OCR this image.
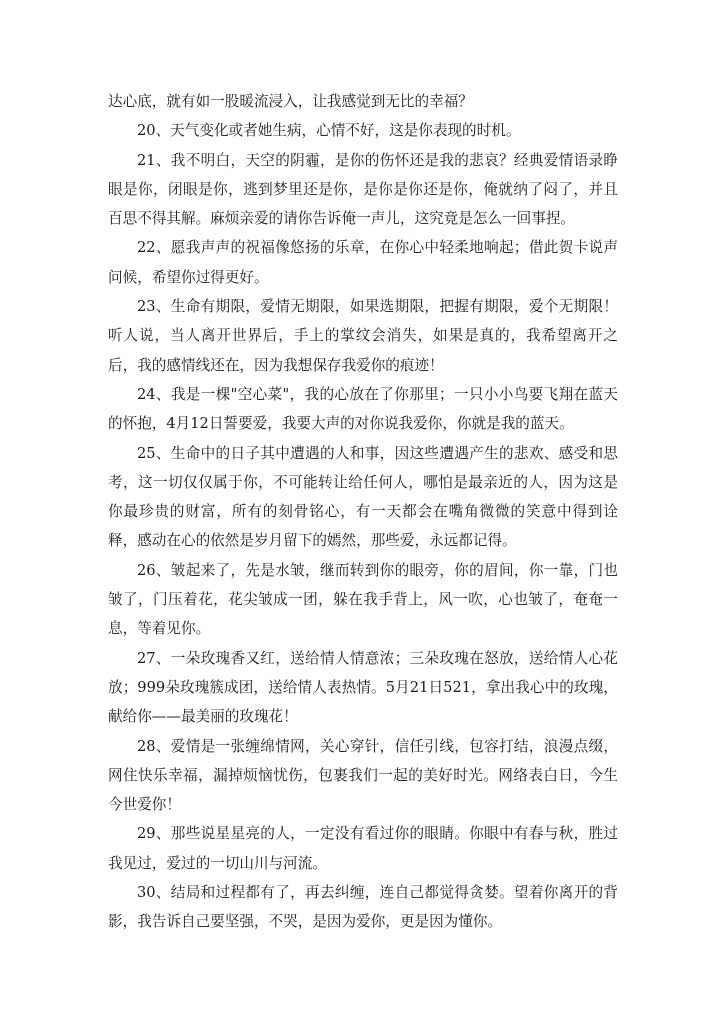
达心底，就有如一股暖流浸入，让我感觉到无比的幸福？

20、天气变化或者她生病，心情不好，这是你表现的时机。

21、我不明白，天空的阴霾，是你的伤怀还是我的悲哀？经典爱情语录睁眼是你，闭眼是你，逃到梦里还是你，是你是你还是你，俺就纳了闷了，并且百思不得其解。麻烦亲爱的请你告诉俺一声儿，这究竟是怎么一回事捏。

22、愿我声声的祝福像悠扬的乐章，在你心中轻柔地响起；借此贺卡说声问候，希望你过得更好。

23、生命有期限，爱情无期限，如果选期限，把握有期限，爱个无期限！听人说，当人离开世界后，手上的掌纹会消失，如果是真的，我希望离开之后，我的感情线还在，因为我想保存我爱你的痕迹！

24、我是一棵"空心菜"，我的心放在了你那里；一只小小鸟要飞翔在蓝天的怀抱，4月12日誓要爱，我要大声的对你说我爱你，你就是我的蓝天。

25、生命中的日子其中遭遇的人和事，因这些遭遇产生的悲欢、感受和思考，这一切仅仅属于你，不可能转让给任何人，哪怕是最亲近的人，因为这是你最珍贵的财富，所有的刻骨铭心，有一天都会在嘴角微微的笑意中得到诠释，感动在心的依然是岁月留下的嫣然，那些爱，永远都记得。

26、皱起来了，先是水皱，继而转到你的眼旁，你的眉间，你一靠，门也皱了，门压着花，花尖皱成一团，躲在我手背上，风一吹，心也皱了，奄奄一息，等着见你。

27、一朵玫瑰香又红，送给情人情意浓；三朵玫瑰在怒放，送给情人心花放；999朵玫瑰簇成团，送给情人表热情。5月21日521，拿出我心中的玫瑰，献给你——最美丽的玫瑰花！

28、爱情是一张缠绵情网，关心穿针，信任引线，包容打结，浪漫点缀，网住快乐幸福，漏掉烦恼忧伤，包裹我们一起的美好时光。网络表白日，今生今世爱你！

29、那些说星星亮的人，一定没有看过你的眼睛。你眼中有春与秋，胜过我见过，爱过的一切山川与河流。

30、结局和过程都有了，再去纠缠，连自己都觉得贪婪。望着你离开的背影，我告诉自己要坚强，不哭，是因为爱你，更是因为懂你。
